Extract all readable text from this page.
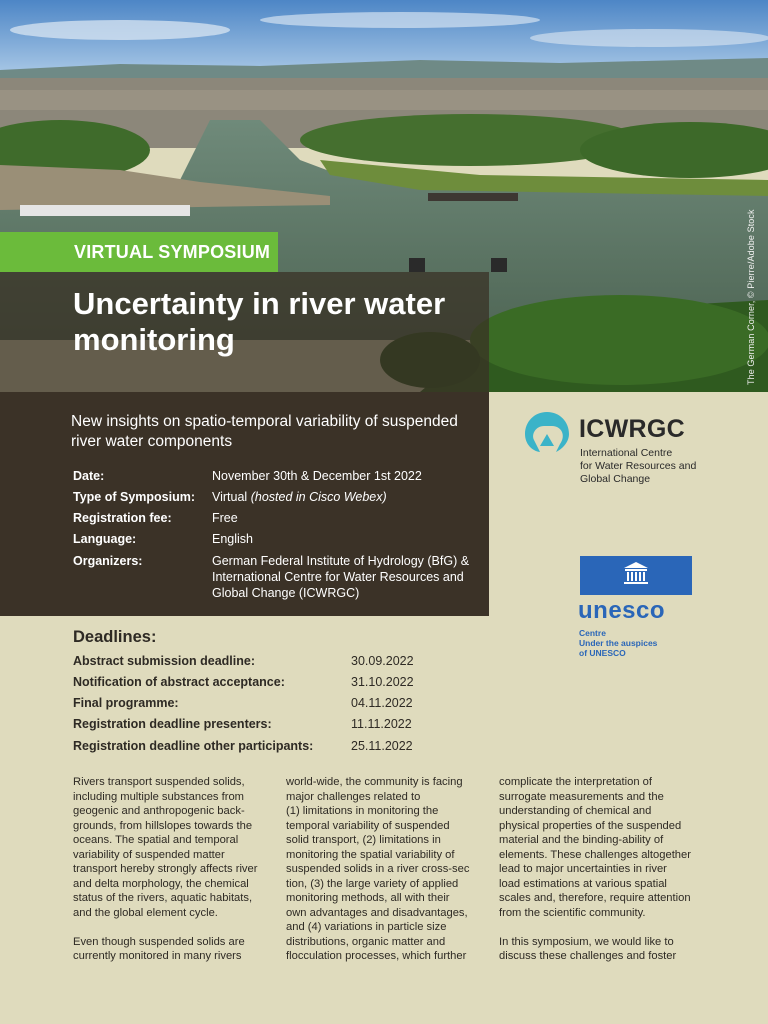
The German Corner, © Pierre/Adobe Stock
VIRTUAL SYMPOSIUM
Uncertainty in river water monitoring
New insights on spatio-temporal variability of suspended river water components
Date:	November 30th & December 1st 2022
Type of Symposium:	Virtual (hosted in Cisco Webex)
Registration fee:	Free
Language:	English
Organizers:	German Federal Institute of Hydrology (BfG) &
International Centre for Water Resources and
Global Change (ICWRGC)
ICWRGC
International Centre
for Water Resources and
Global Change
unesco
Centre
Under the auspices
of UNESCO
Deadlines:
Abstract submission deadline:	30.09.2022
Notification of abstract acceptance:	31.10.2022
Final programme:	04.11.2022
Registration deadline presenters:	11.11.2022
Registration deadline other participants:	25.11.2022
Rivers transport suspended solids,
including multiple substances from
geogenic and anthropogenic back-
grounds, from hillslopes towards the
oceans. The spatial and temporal
variability of suspended matter
transport hereby strongly affects river
and delta morphology, the chemical
status of the rivers, aquatic habitats,
and the global element cycle.

Even though suspended solids are
currently monitored in many rivers
world-wide, the community is facing
major challenges related to
(1) limitations in monitoring the
temporal variability of suspended
solid transport, (2) limitations in
monitoring the spatial variability of
suspended solids in a river cross-sec
tion, (3) the large variety of applied
monitoring methods, all with their
own advantages and disadvantages,
and (4) variations in particle size
distributions, organic matter and
flocculation processes, which further
complicate the interpretation of
surrogate measurements and the
understanding of chemical and
physical properties of the suspended
material and the binding-ability of
elements. These challenges altogether
lead to major uncertainties in river
load estimations at various spatial
scales and, therefore, require attention
from the scientific community.

In this symposium, we would like to
discuss these challenges and foster
